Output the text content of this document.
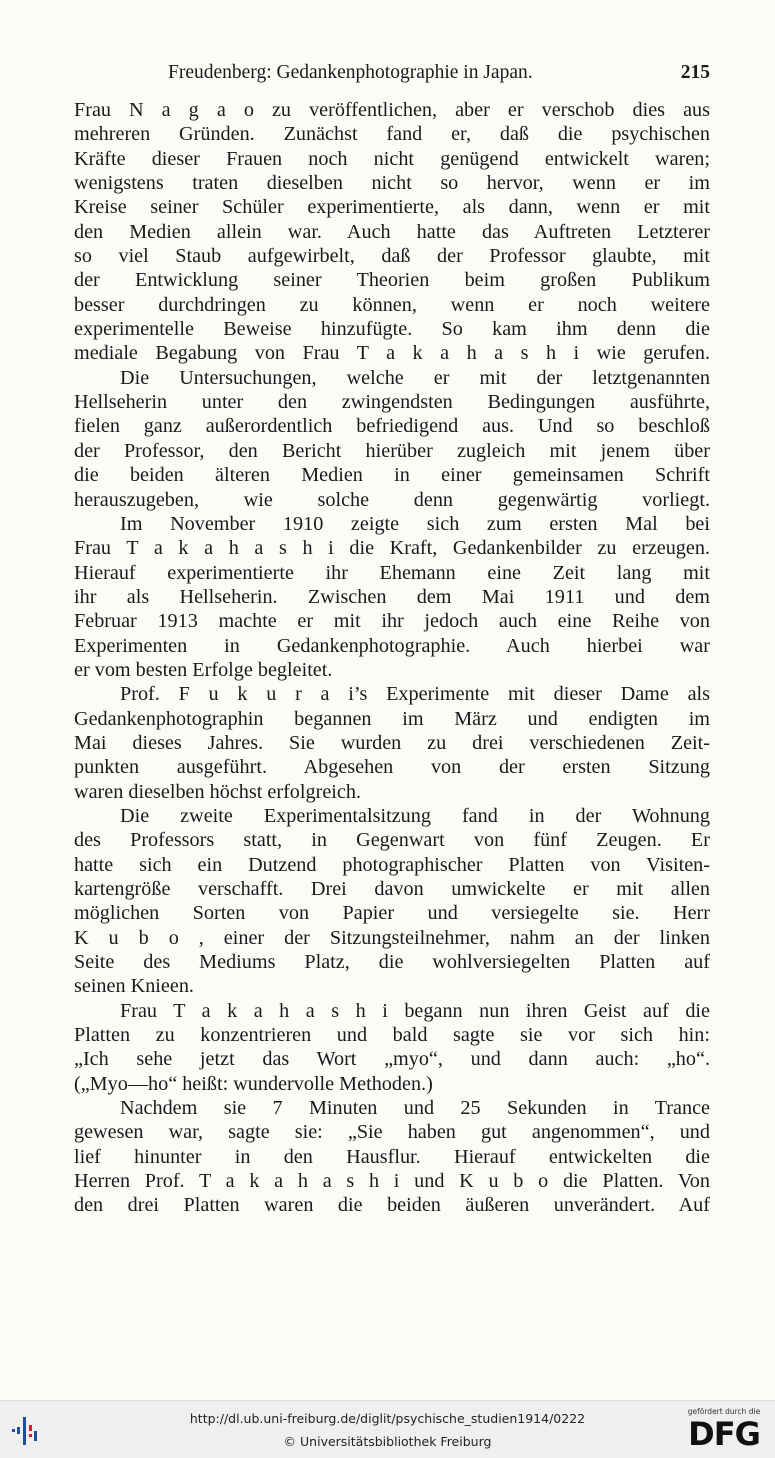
Freudenberg: Gedankenphotographie in Japan.	215
Frau N a g a o zu veröffentlichen, aber er verschob dies aus
mehreren Gründen. Zunächst fand er, daß die psychischen
Kräfte dieser Frauen noch nicht genügend entwickelt waren;
wenigstens traten dieselben nicht so hervor, wenn er im
Kreise seiner Schüler experimentierte, als dann, wenn er mit
den Medien allein war. Auch hatte das Auftreten Letzterer
so viel Staub aufgewirbelt, daß der Professor glaubte, mit
der Entwicklung seiner Theorien beim großen Publikum
besser durchdringen zu können, wenn er noch weitere
experimentelle Beweise hinzufügte. So kam ihm denn die
mediale Begabung von Frau T a k a h a s h i wie gerufen.
Die Untersuchungen, welche er mit der letztgenannten
Hellseherin unter den zwingendsten Bedingungen ausführte,
fielen ganz außerordentlich befriedigend aus. Und so beschloß
der Professor, den Bericht hierüber zugleich mit jenem über
die beiden älteren Medien in einer gemeinsamen Schrift
herauszugeben, wie solche denn gegenwärtig vorliegt.
Im November 1910 zeigte sich zum ersten Mal bei
Frau T a k a h a s h i die Kraft, Gedankenbilder zu erzeugen.
Hierauf experimentierte ihr Ehemann eine Zeit lang mit
ihr als Hellseherin. Zwischen dem Mai 1911 und dem
Februar 1913 machte er mit ihr jedoch auch eine Reihe von
Experimenten in Gedankenphotographie. Auch hierbei war
er vom besten Erfolge begleitet.
Prof. F u k u r a i’s Experimente mit dieser Dame als
Gedankenphotographin begannen im März und endigten im
Mai dieses Jahres. Sie wurden zu drei verschiedenen Zeit-
punkten ausgeführt. Abgesehen von der ersten Sitzung
waren dieselben höchst erfolgreich.
Die zweite Experimentalsitzung fand in der Wohnung
des Professors statt, in Gegenwart von fünf Zeugen. Er
hatte sich ein Dutzend photographischer Platten von Visiten-
kartengröße verschafft. Drei davon umwickelte er mit allen
möglichen Sorten von Papier und versiegelte sie. Herr
K u b o , einer der Sitzungsteilnehmer, nahm an der linken
Seite des Mediums Platz, die wohlversiegelten Platten auf
seinen Knieen.
Frau T a k a h a s h i begann nun ihren Geist auf die
Platten zu konzentrieren und bald sagte sie vor sich hin:
„Ich sehe jetzt das Wort „myo“, und dann auch: „ho“.
(„Myo—ho“ heißt: wundervolle Methoden.)
Nachdem sie 7 Minuten und 25 Sekunden in Trance
gewesen war, sagte sie: „Sie haben gut angenommen“, und
lief hinunter in den Hausflur. Hierauf entwickelten die
Herren Prof. T a k a h a s h i und K u b o die Platten. Von
den drei Platten waren die beiden äußeren unverändert. Auf
http://dl.ub.uni-freiburg.de/diglit/psychische_studien1914/0222
© Universitätsbibliothek Freiburg
gefördert durch die
DFG
